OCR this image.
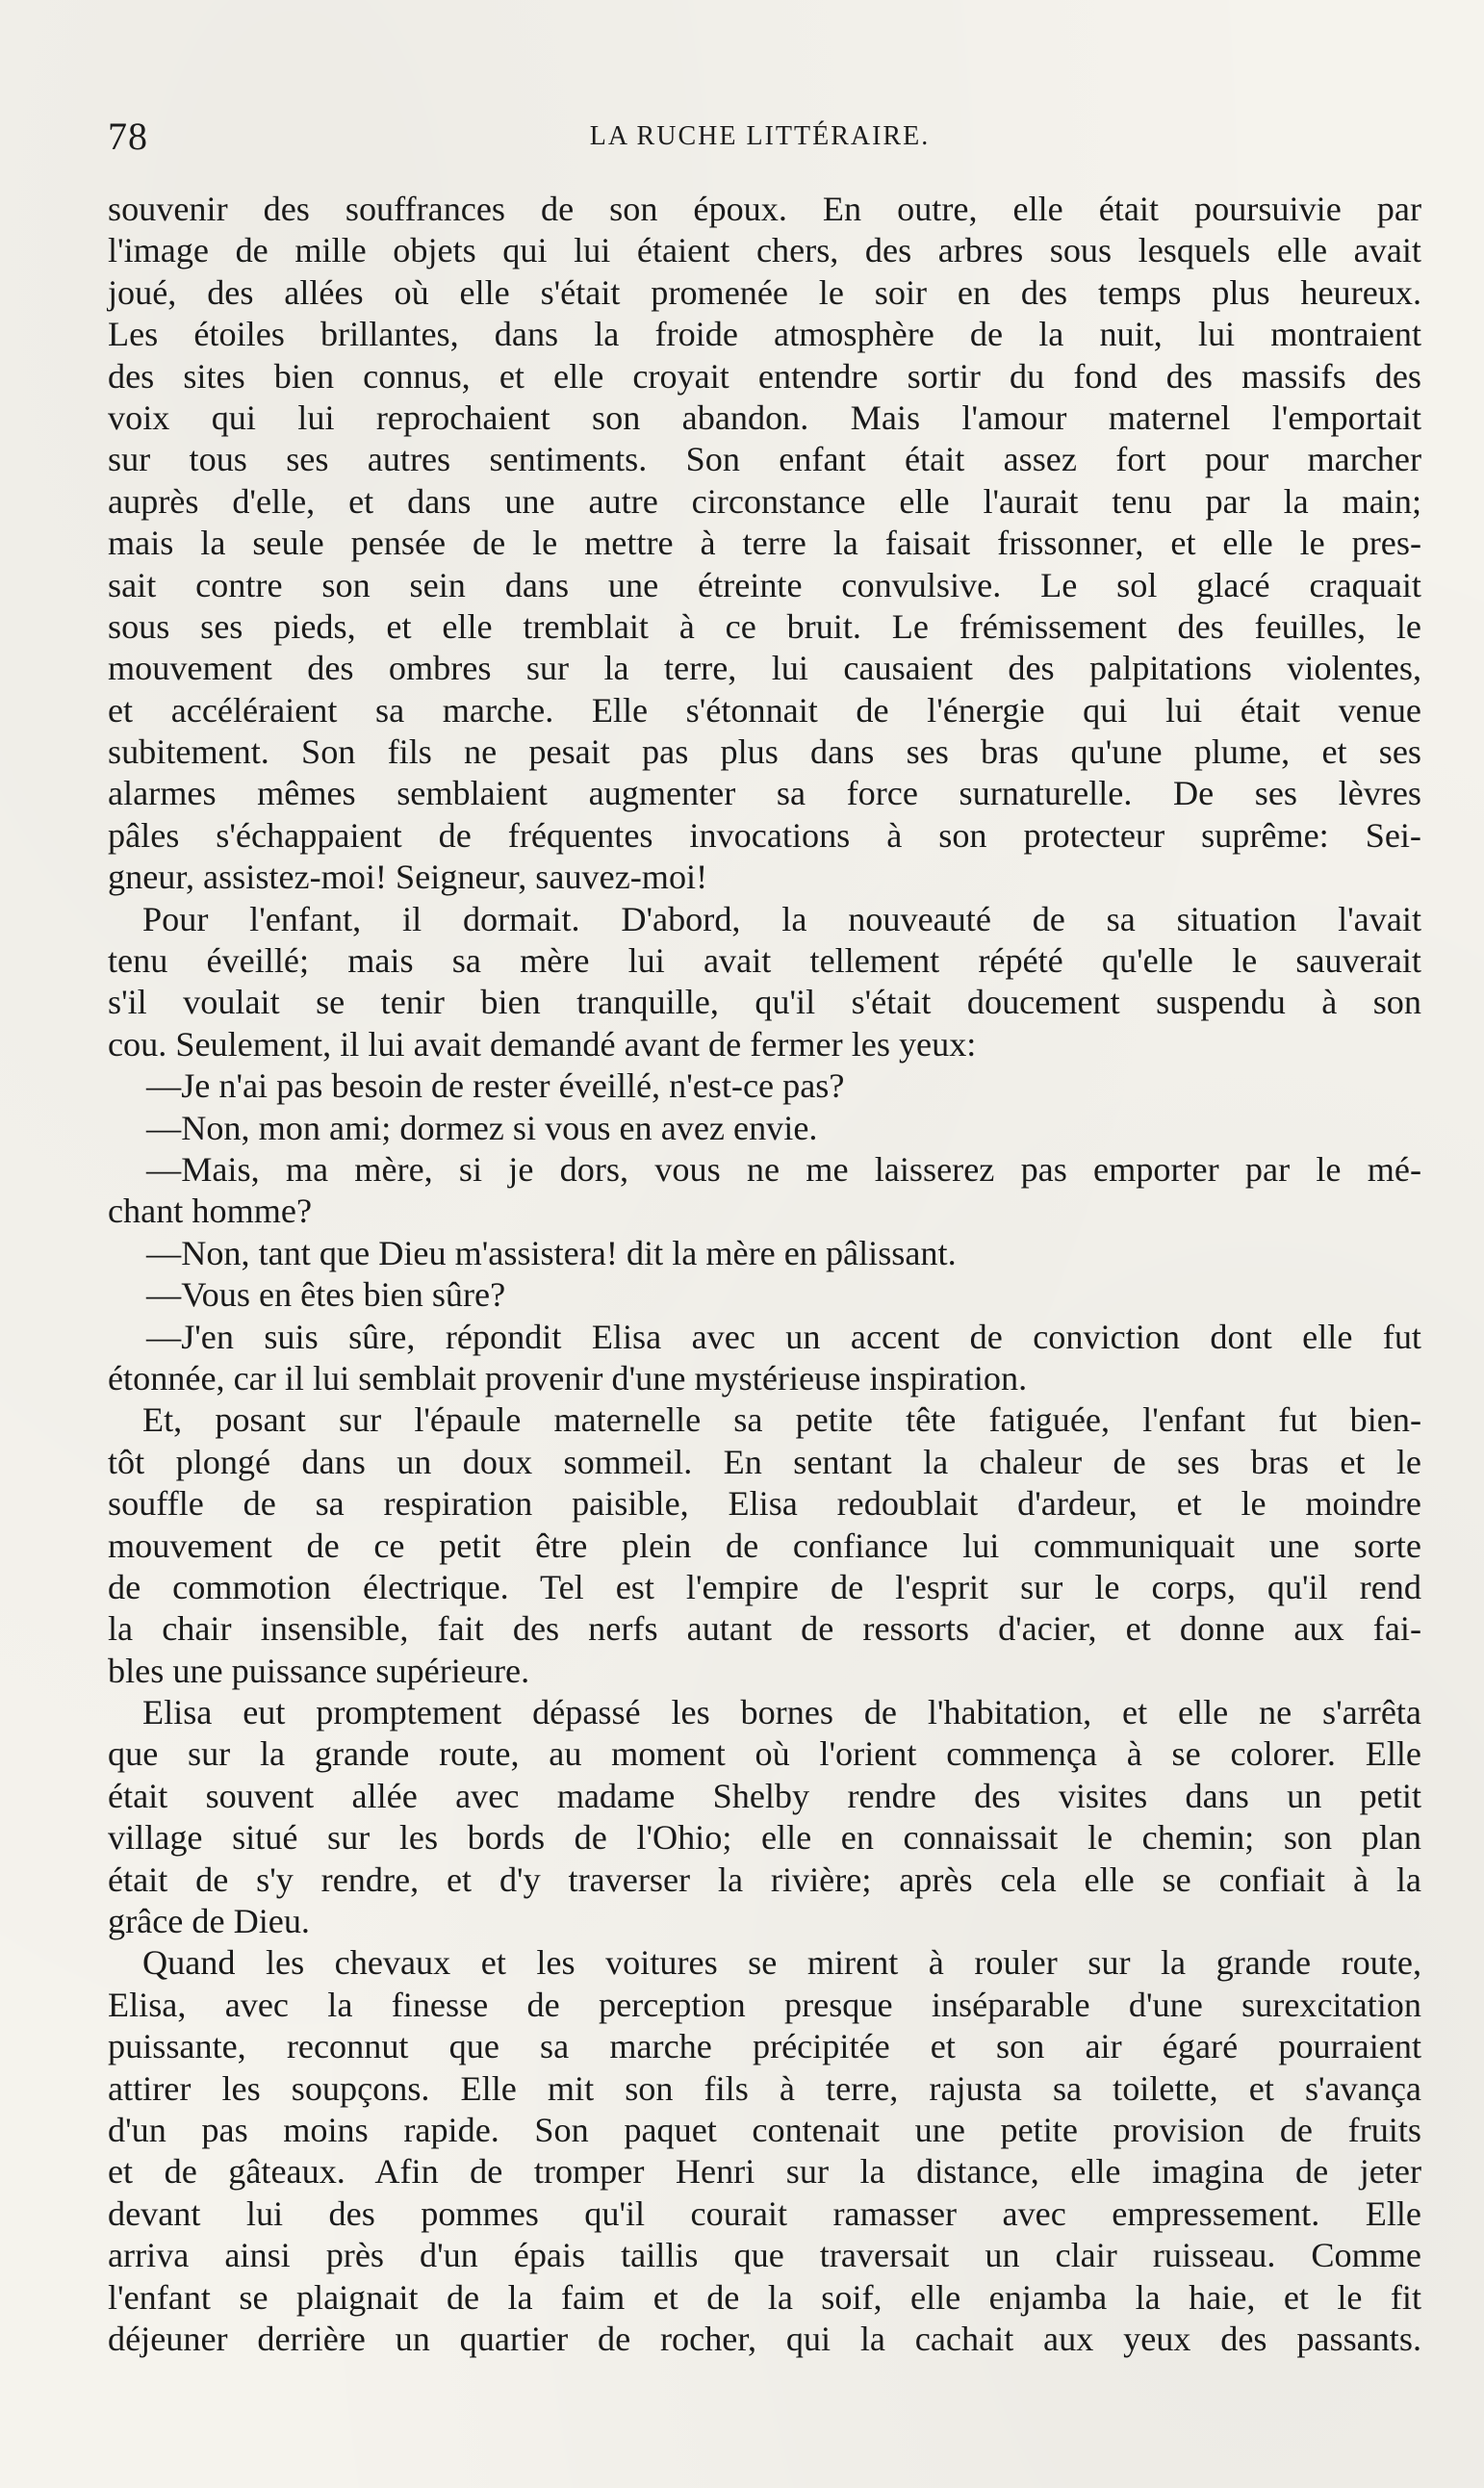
78	LA RUCHE LITTÉRAIRE.
souvenir des souffrances de son époux. En outre, elle était poursuivie par
l'image de mille objets qui lui étaient chers, des arbres sous lesquels elle avait
joué, des allées où elle s'était promenée le soir en des temps plus heureux.
Les étoiles brillantes, dans la froide atmosphère de la nuit, lui montraient
des sites bien connus, et elle croyait entendre sortir du fond des massifs des
voix qui lui reprochaient son abandon. Mais l'amour maternel l'emportait
sur tous ses autres sentiments. Son enfant était assez fort pour marcher
auprès d'elle, et dans une autre circonstance elle l'aurait tenu par la main;
mais la seule pensée de le mettre à terre la faisait frissonner, et elle le pres-
sait contre son sein dans une étreinte convulsive. Le sol glacé craquait
sous ses pieds, et elle tremblait à ce bruit. Le frémissement des feuilles, le
mouvement des ombres sur la terre, lui causaient des palpitations violentes,
et accéléraient sa marche. Elle s'étonnait de l'énergie qui lui était venue
subitement. Son fils ne pesait pas plus dans ses bras qu'une plume, et ses
alarmes mêmes semblaient augmenter sa force surnaturelle. De ses lèvres
pâles s'échappaient de fréquentes invocations à son protecteur suprême: Sei-
gneur, assistez-moi! Seigneur, sauvez-moi!
Pour l'enfant, il dormait. D'abord, la nouveauté de sa situation l'avait
tenu éveillé; mais sa mère lui avait tellement répété qu'elle le sauverait
s'il voulait se tenir bien tranquille, qu'il s'était doucement suspendu à son
cou. Seulement, il lui avait demandé avant de fermer les yeux:
—Je n'ai pas besoin de rester éveillé, n'est-ce pas?
—Non, mon ami; dormez si vous en avez envie.
—Mais, ma mère, si je dors, vous ne me laisserez pas emporter par le mé-
chant homme?
—Non, tant que Dieu m'assistera! dit la mère en pâlissant.
—Vous en êtes bien sûre?
—J'en suis sûre, répondit Elisa avec un accent de conviction dont elle fut
étonnée, car il lui semblait provenir d'une mystérieuse inspiration.
Et, posant sur l'épaule maternelle sa petite tête fatiguée, l'enfant fut bien-
tôt plongé dans un doux sommeil. En sentant la chaleur de ses bras et le
souffle de sa respiration paisible, Elisa redoublait d'ardeur, et le moindre
mouvement de ce petit être plein de confiance lui communiquait une sorte
de commotion électrique. Tel est l'empire de l'esprit sur le corps, qu'il rend
la chair insensible, fait des nerfs autant de ressorts d'acier, et donne aux fai-
bles une puissance supérieure.
Elisa eut promptement dépassé les bornes de l'habitation, et elle ne s'arrêta
que sur la grande route, au moment où l'orient commença à se colorer. Elle
était souvent allée avec madame Shelby rendre des visites dans un petit
village situé sur les bords de l'Ohio; elle en connaissait le chemin; son plan
était de s'y rendre, et d'y traverser la rivière; après cela elle se confiait à la
grâce de Dieu.
Quand les chevaux et les voitures se mirent à rouler sur la grande route,
Elisa, avec la finesse de perception presque inséparable d'une surexcitation
puissante, reconnut que sa marche précipitée et son air égaré pourraient
attirer les soupçons. Elle mit son fils à terre, rajusta sa toilette, et s'avança
d'un pas moins rapide. Son paquet contenait une petite provision de fruits
et de gâteaux. Afin de tromper Henri sur la distance, elle imagina de jeter
devant lui des pommes qu'il courait ramasser avec empressement. Elle
arriva ainsi près d'un épais taillis que traversait un clair ruisseau. Comme
l'enfant se plaignait de la faim et de la soif, elle enjamba la haie, et le fit
déjeuner derrière un quartier de rocher, qui la cachait aux yeux des passants.
